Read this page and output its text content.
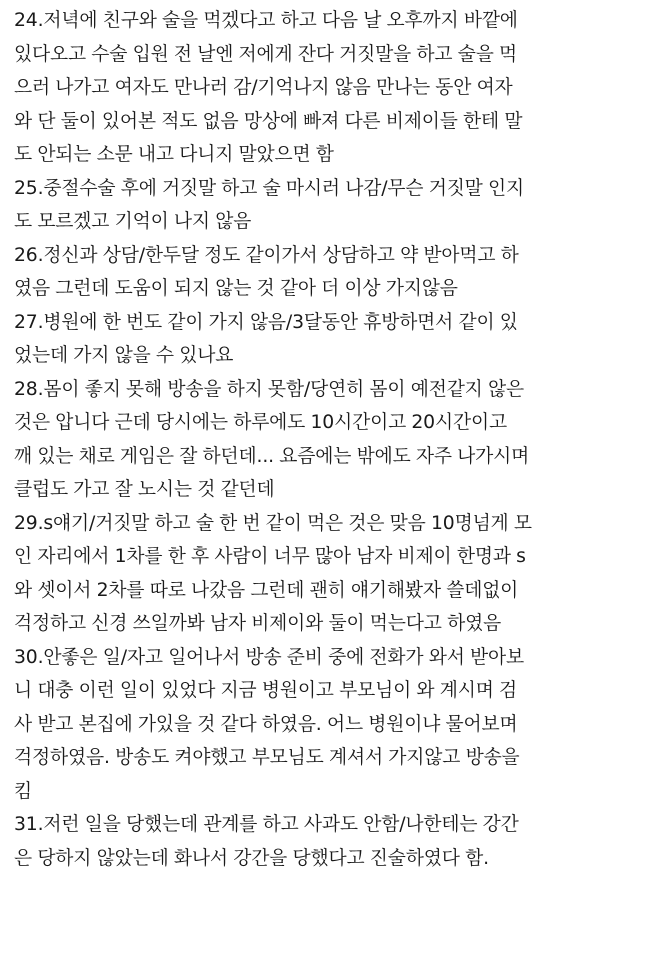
24.저녁에 친구와 술을 먹겠다고 하고 다음 날 오후까지 바깥에
있다오고 수술 입원 전 날엔 저에게 잔다 거짓말을 하고 술을 먹
으러 나가고 여자도 만나러 감/기억나지 않음 만나는 동안 여자
와 단 둘이 있어본 적도 없음 망상에 빠져 다른 비제이들 한테 말
도 안되는 소문 내고 다니지 말았으면 함
25.중절수술 후에 거짓말 하고 술 마시러 나감/무슨 거짓말 인지
도 모르겠고 기억이 나지 않음
26.정신과 상담/한두달 정도 같이가서 상담하고 약 받아먹고 하
였음 그런데 도움이 되지 않는 것 같아 더 이상 가지않음
27.병원에 한 번도 같이 가지 않음/3달동안 휴방하면서 같이 있
었는데 가지 않을 수 있나요
28.몸이 좋지 못해 방송을 하지 못함/당연히 몸이 예전같지 않은
것은 압니다 근데 당시에는 하루에도 10시간이고 20시간이고
깨 있는 채로 게임은 잘 하던데... 요즘에는 밖에도 자주 나가시며
클럽도 가고 잘 노시는 것 같던데
29.s얘기/거짓말 하고 술 한 번 같이 먹은 것은 맞음 10명넘게 모
인 자리에서 1차를 한 후 사람이 너무 많아 남자 비제이 한명과 s
와 셋이서 2차를 따로 나갔음 그런데 괜히 얘기해봤자 쓸데없이
걱정하고 신경 쓰일까봐 남자 비제이와 둘이 먹는다고 하였음
30.안좋은 일/자고 일어나서 방송 준비 중에 전화가 와서 받아보
니 대충 이런 일이 있었다 지금 병원이고 부모님이 와 계시며 검
사 받고 본집에 가있을 것 같다 하였음. 어느 병원이냐 물어보며
걱정하였음. 방송도 켜야했고 부모님도 계셔서 가지않고 방송을
킴
31.저런 일을 당했는데 관계를 하고 사과도 안함/나한테는 강간
은 당하지 않았는데 화나서 강간을 당했다고 진술하였다 함.
